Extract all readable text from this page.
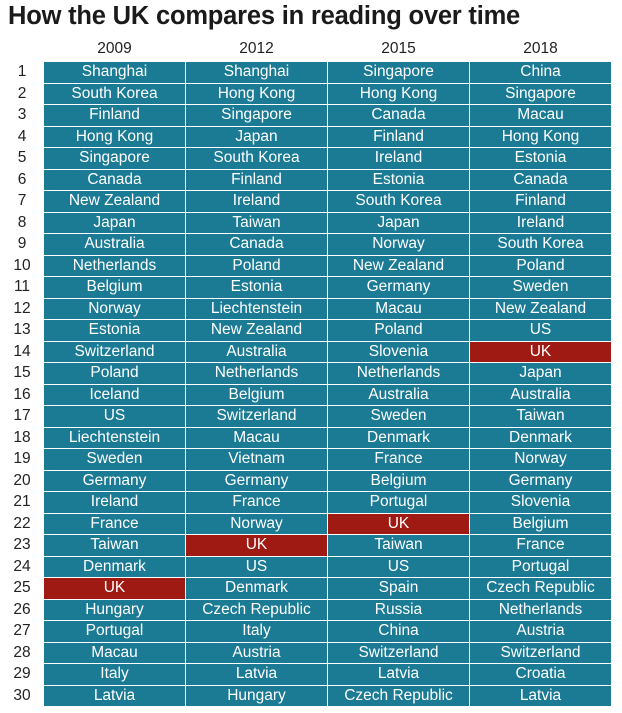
How the UK compares in reading over time
2009	2012	2015	2018
1	Shanghai	Shanghai	Singapore	China
2	South Korea	Hong Kong	Hong Kong	Singapore
3	Finland	Singapore	Canada	Macau
4	Hong Kong	Japan	Finland	Hong Kong
5	Singapore	South Korea	Ireland	Estonia
6	Canada	Finland	Estonia	Canada
7	New Zealand	Ireland	South Korea	Finland
8	Japan	Taiwan	Japan	Ireland
9	Australia	Canada	Norway	South Korea
10	Netherlands	Poland	New Zealand	Poland
11	Belgium	Estonia	Germany	Sweden
12	Norway	Liechtenstein	Macau	New Zealand
13	Estonia	New Zealand	Poland	US
14	Switzerland	Australia	Slovenia	UK
15	Poland	Netherlands	Netherlands	Japan
16	Iceland	Belgium	Australia	Australia
17	US	Switzerland	Sweden	Taiwan
18	Liechtenstein	Macau	Denmark	Denmark
19	Sweden	Vietnam	France	Norway
20	Germany	Germany	Belgium	Germany
21	Ireland	France	Portugal	Slovenia
22	France	Norway	UK	Belgium
23	Taiwan	UK	Taiwan	France
24	Denmark	US	US	Portugal
25	UK	Denmark	Spain	Czech Republic
26	Hungary	Czech Republic	Russia	Netherlands
27	Portugal	Italy	China	Austria
28	Macau	Austria	Switzerland	Switzerland
29	Italy	Latvia	Latvia	Croatia
30	Latvia	Hungary	Czech Republic	Latvia
